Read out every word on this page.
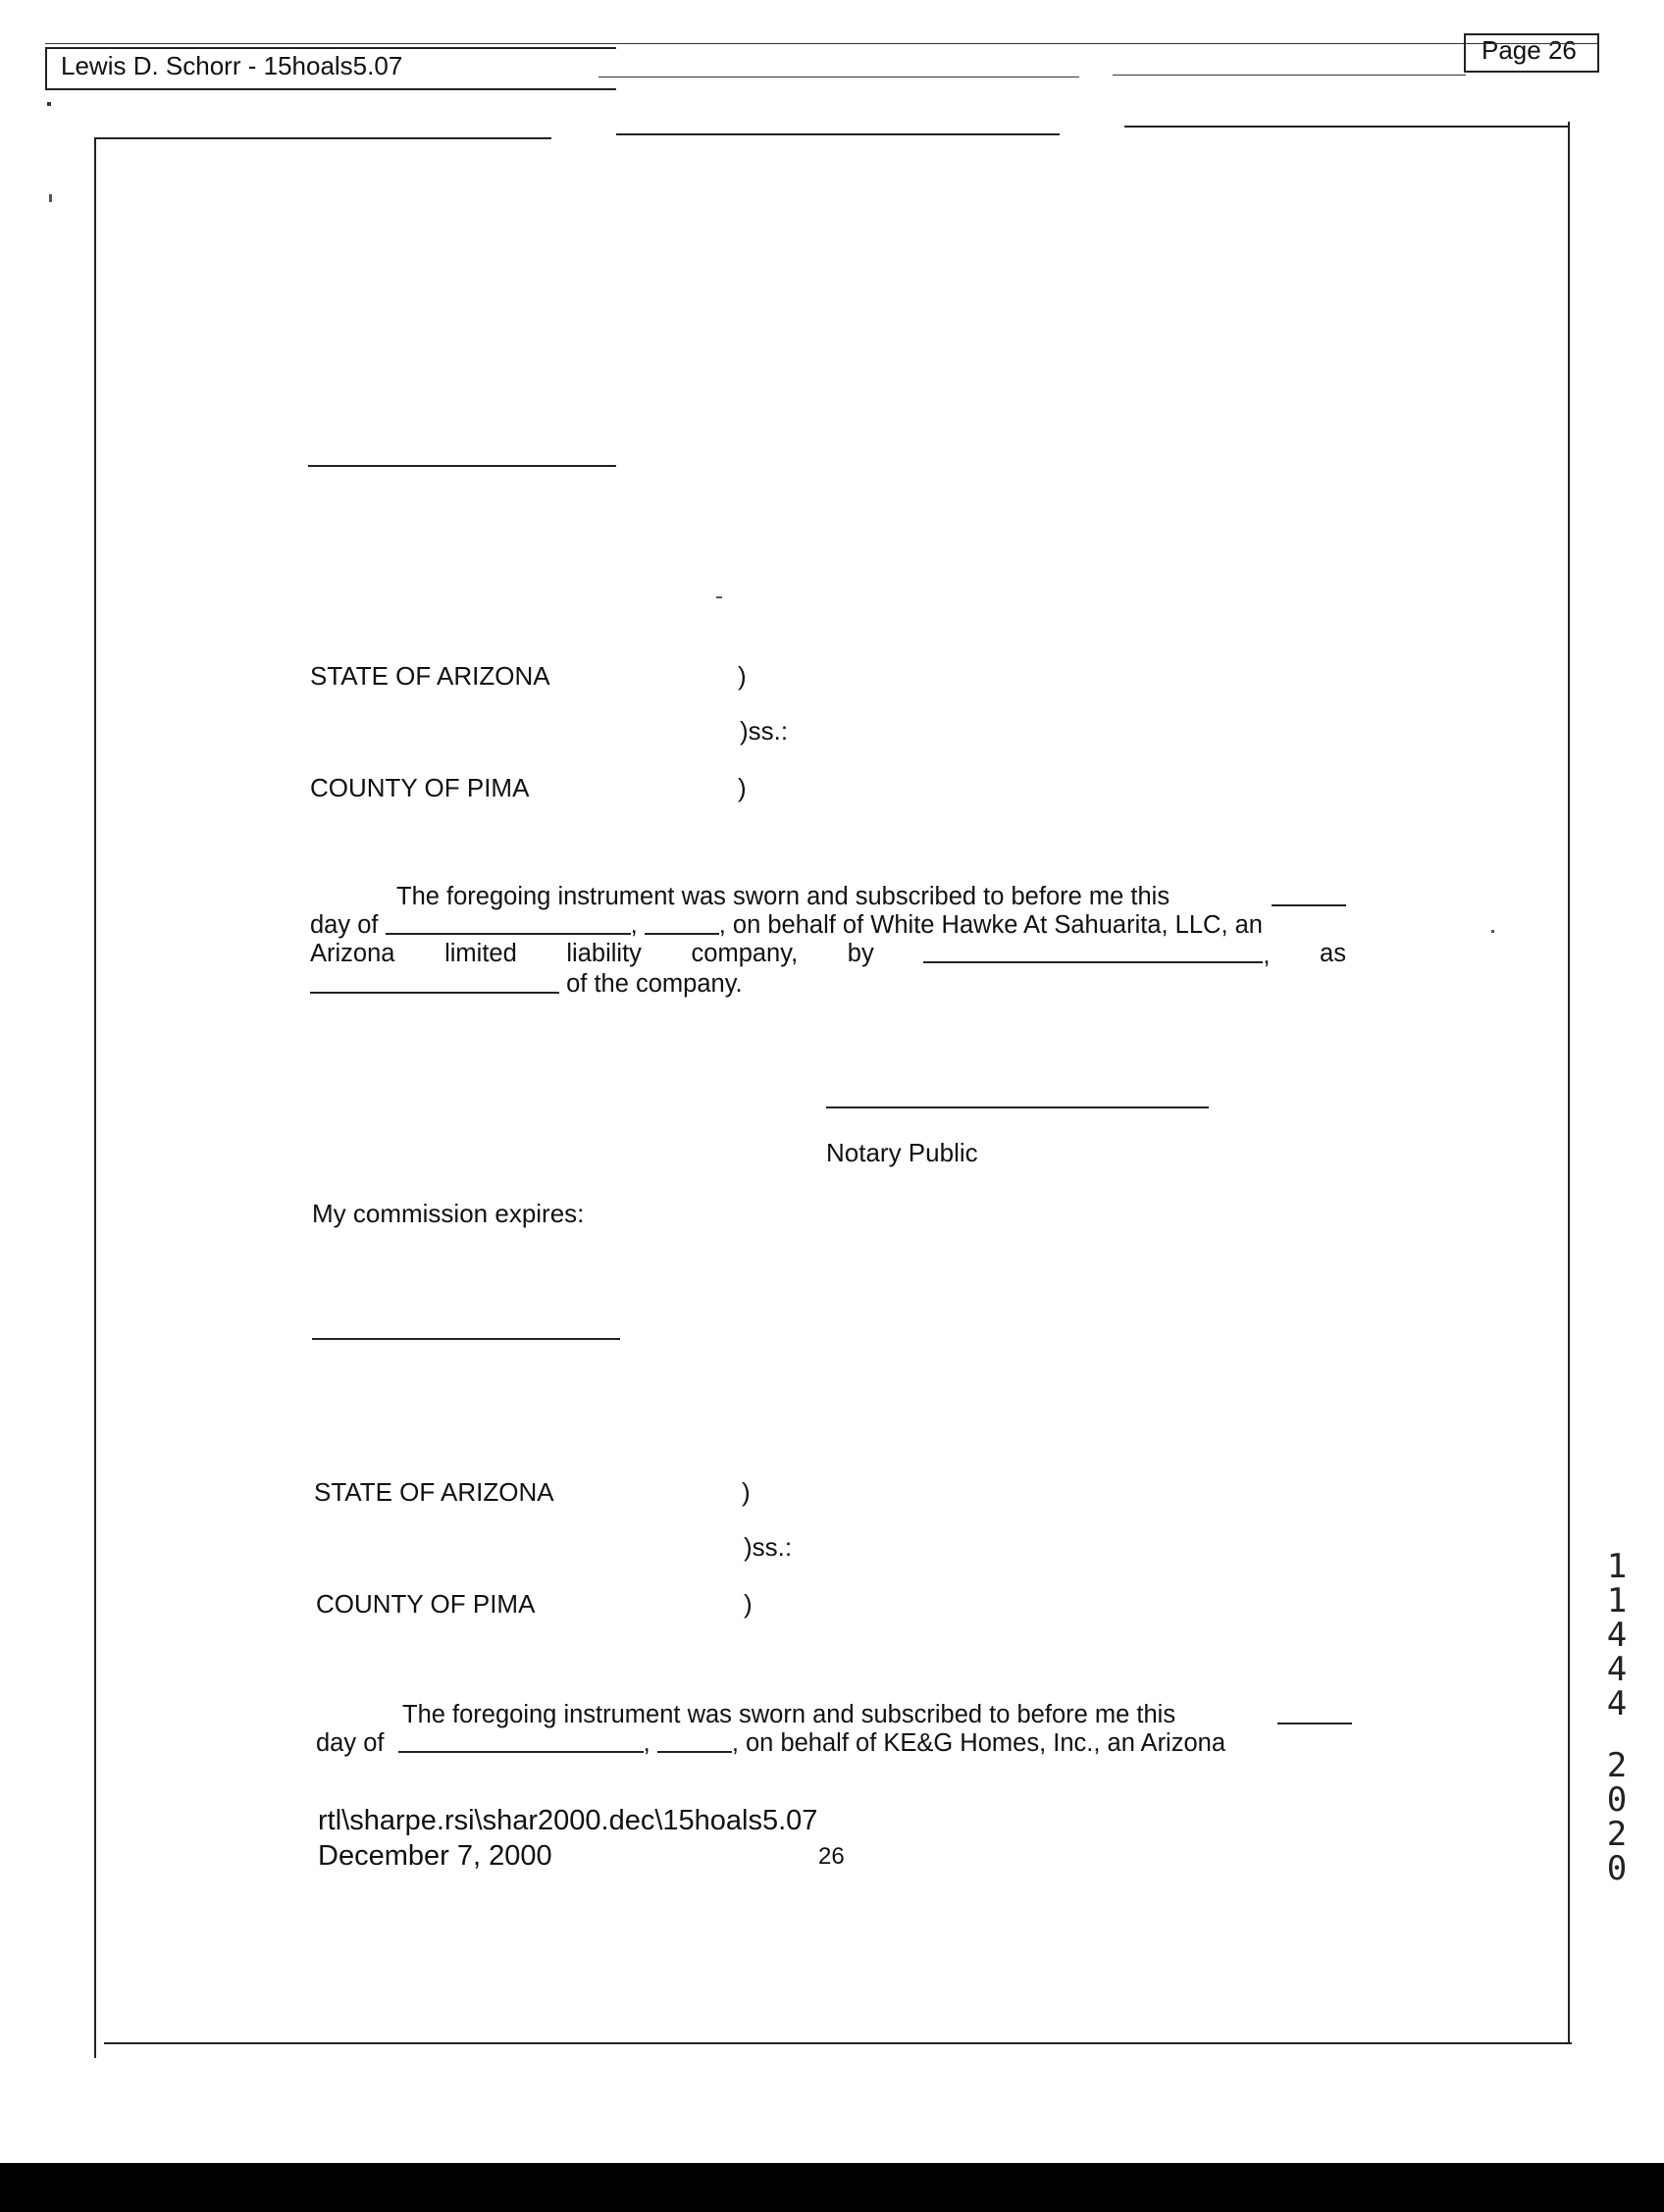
Lewis D. Schorr - 15hoals5.07
Page 26
STATE OF ARIZONA	)
)ss.:
COUNTY OF PIMA	)
The foregoing instrument was sworn and subscribed to before me this
day of
	,
	, on behalf of White Hawke At Sahuarita, LLC, an
Arizona limited liability company, by	, as

of the company.
Notary Public
My commission expires:
STATE OF ARIZONA	)
)ss.:
COUNTY OF PIMA	)
The foregoing instrument was sworn and subscribed to before me this
day of
	,
	, on behalf of KE&G Homes, Inc., an Arizona
rtl\sharpe.rsi\shar2000.dec\15hoals5.07
December 7, 2000	26
1
1
4
4
4
2
0
2
0
